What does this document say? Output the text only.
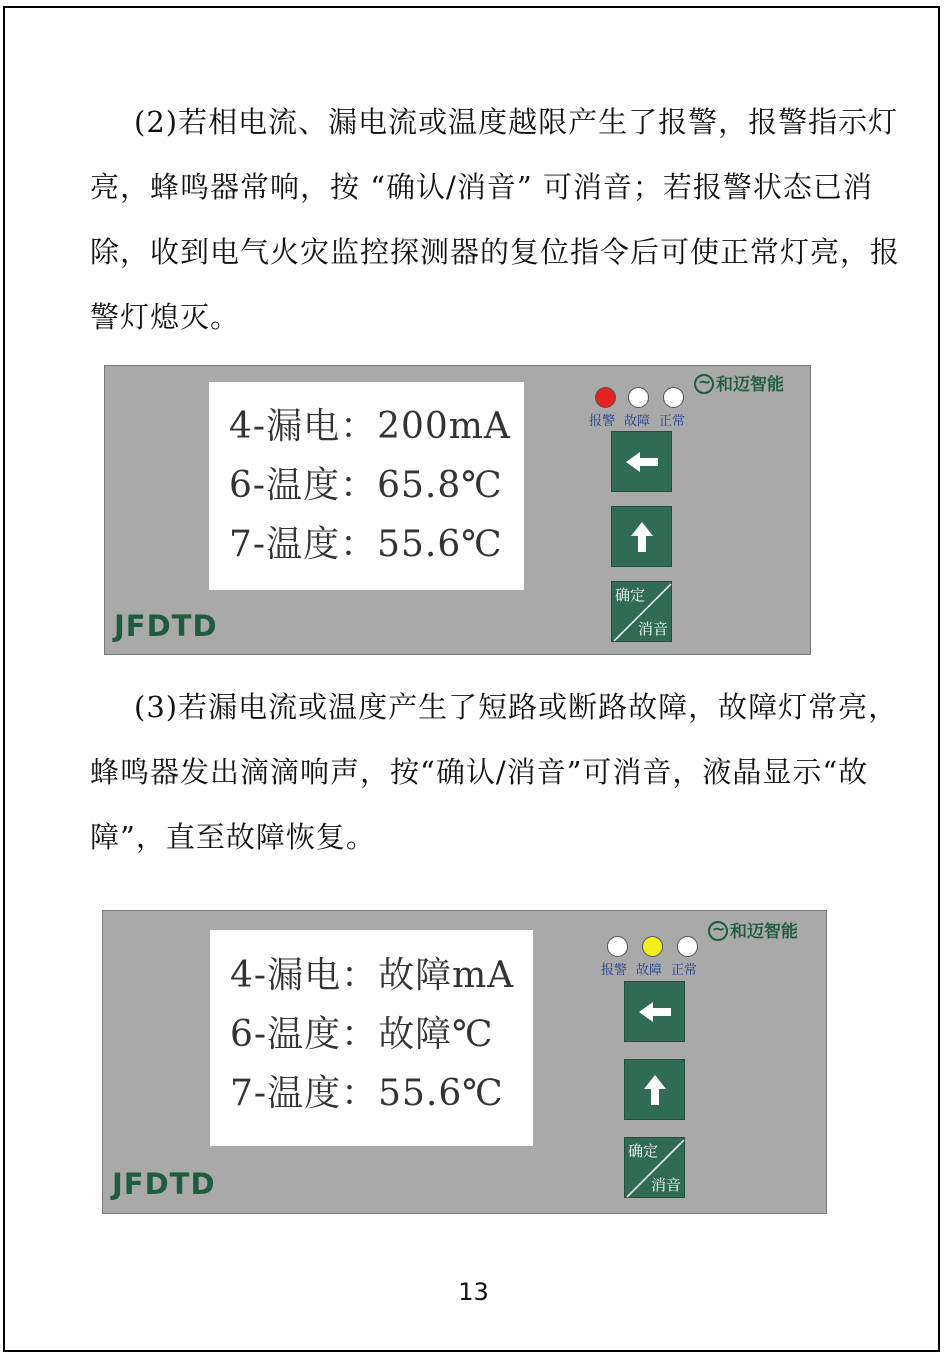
(2)若相电流、漏电流或温度越限产生了报警，报警指示灯亮，蜂鸣器常响，按 “确认/消音” 可消音；若报警状态已消除，收到电气火灾监控探测器的复位指令后可使正常灯亮，报警灯熄灭。

4-漏电：200mA
6-温度：65.8℃
7-温度：55.6℃
JFDTD
~和迈智能
报警 故障 正常
确定
消音

(3)若漏电流或温度产生了短路或断路故障，故障灯常亮，蜂鸣器发出滴滴响声，按“确认/消音”可消音，液晶显示“故障”，直至故障恢复。

4-漏电：故障mA
6-温度：故障℃
7-温度：55.6℃
JFDTD
~和迈智能
报警 故障 正常
确定
消音
13
